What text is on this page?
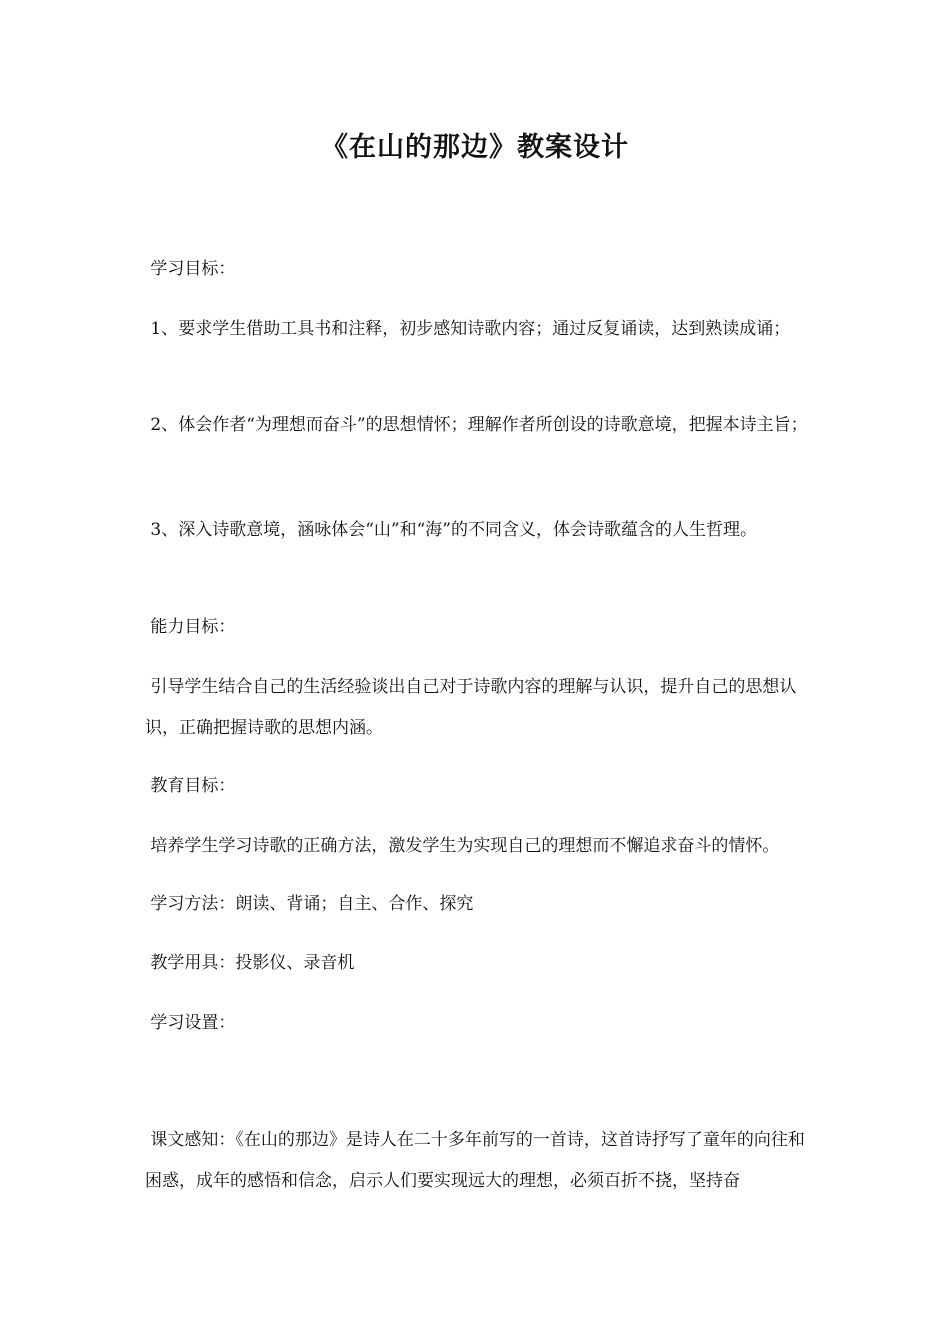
《在山的那边》教案设计
学习目标：
1、要求学生借助工具书和注释，初步感知诗歌内容；通过反复诵读，达到熟读成诵；
2、体会作者“为理想而奋斗”的思想情怀；理解作者所创设的诗歌意境，把握本诗主旨；
3、深入诗歌意境，涵咏体会“山”和“海”的不同含义，体会诗歌蕴含的人生哲理。
能力目标：
引导学生结合自己的生活经验谈出自己对于诗歌内容的理解与认识，提升自己的思想认识，正确把握诗歌的思想内涵。
教育目标：
培养学生学习诗歌的正确方法，激发学生为实现自己的理想而不懈追求奋斗的情怀。
学习方法：朗读、背诵；自主、合作、探究
教学用具：投影仪、录音机
学习设置：
课文感知：《在山的那边》是诗人在二十多年前写的一首诗，这首诗抒写了童年的向往和困惑，成年的感悟和信念，启示人们要实现远大的理想，必须百折不挠，坚持奋
